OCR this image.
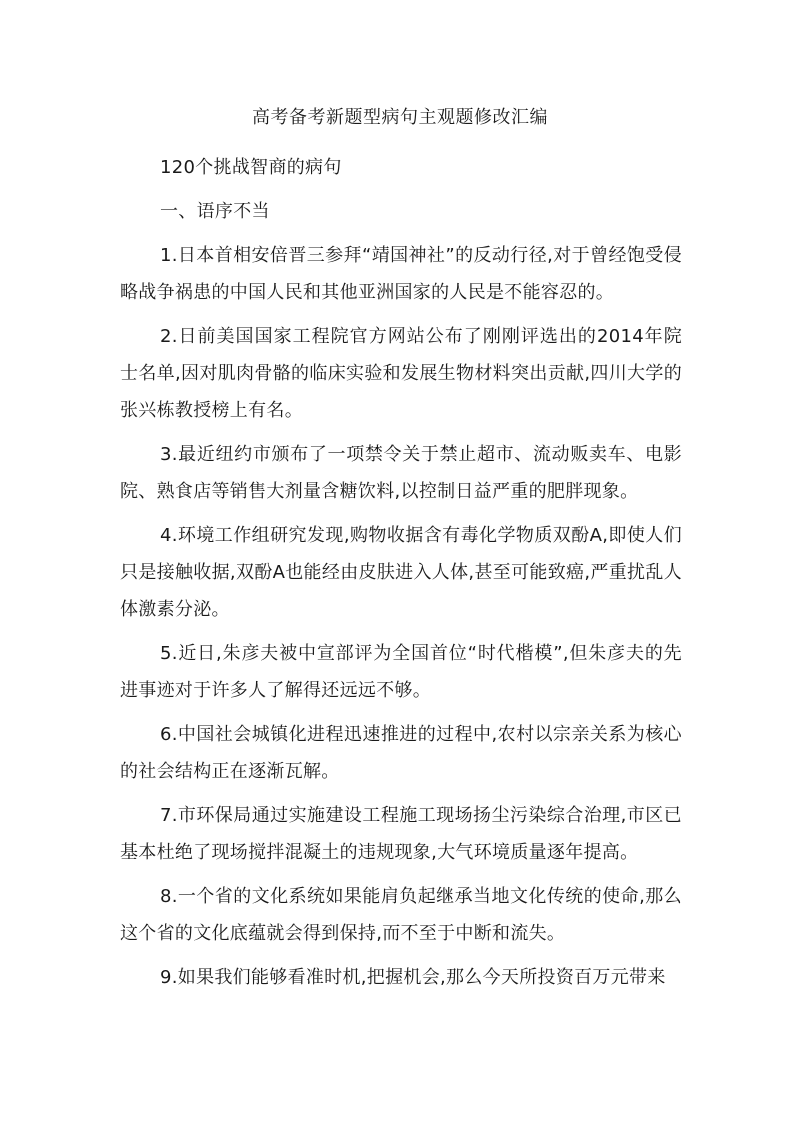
高考备考新题型病句主观题修改汇编

120个挑战智商的病句

一、语序不当

1.日本首相安倍晋三参拜“靖国神社”的反动行径,对于曾经饱受侵略战争祸患的中国人民和其他亚洲国家的人民是不能容忍的。

2.日前美国国家工程院官方网站公布了刚刚评选出的2014年院士名单,因对肌肉骨骼的临床实验和发展生物材料突出贡献,四川大学的张兴栋教授榜上有名。

3.最近纽约市颁布了一项禁令关于禁止超市、流动贩卖车、电影院、熟食店等销售大剂量含糖饮料,以控制日益严重的肥胖现象。

4.环境工作组研究发现,购物收据含有毒化学物质双酚A,即使人们只是接触收据,双酚A也能经由皮肤进入人体,甚至可能致癌,严重扰乱人体激素分泌。

5.近日,朱彦夫被中宣部评为全国首位“时代楷模”,但朱彦夫的先进事迹对于许多人了解得还远远不够。

6.中国社会城镇化进程迅速推进的过程中,农村以宗亲关系为核心的社会结构正在逐渐瓦解。

7.市环保局通过实施建设工程施工现场扬尘污染综合治理,市区已基本杜绝了现场搅拌混凝土的违规现象,大气环境质量逐年提高。

8.一个省的文化系统如果能肩负起继承当地文化传统的使命,那么这个省的文化底蕴就会得到保持,而不至于中断和流失。

9.如果我们能够看准时机,把握机会,那么今天所投资百万元带来
